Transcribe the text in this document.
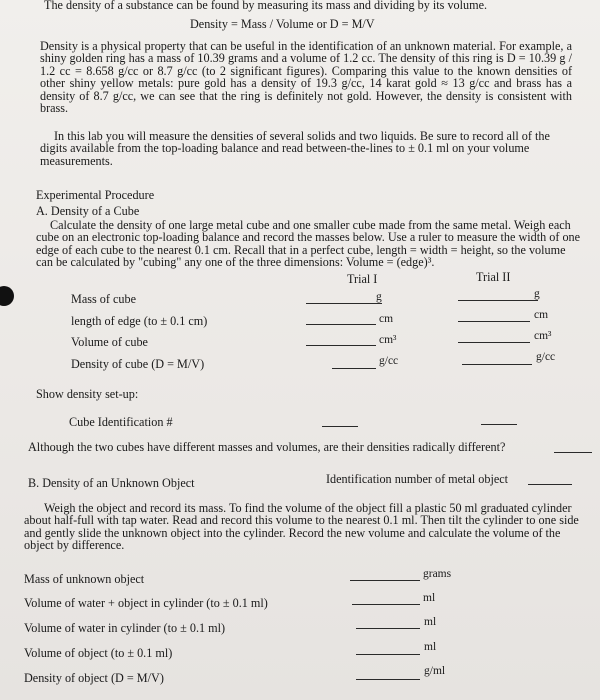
The density of a substance can be found by measuring its mass and dividing by its volume.
Density = Mass / Volume or D = M/V

Density is a physical property that can be useful in the identification of an unknown material. For example, a shiny golden ring has a mass of 10.39 grams and a volume of 1.2 cc. The density of this ring is D = 10.39 g / 1.2 cc = 8.658 g/cc or 8.7 g/cc (to 2 significant figures). Comparing this value to the known densities of other shiny yellow metals: pure gold has a density of 19.3 g/cc, 14 karat gold ≈ 13 g/cc and brass has a density of 8.7 g/cc, we can see that the ring is definitely not gold. However, the density is consistent with brass.

In this lab you will measure the densities of several solids and two liquids. Be sure to record all of the digits available from the top-loading balance and read between-the-lines to ± 0.1 ml on your volume measurements.

Experimental Procedure
A. Density of a Cube

Calculate the density of one large metal cube and one smaller cube made from the same metal. Weigh each cube on an electronic top-loading balance and record the masses below. Use a ruler to measure the width of one edge of each cube to the nearest 0.1 cm. Recall that in a perfect cube, length = width = height, so the volume can be calculated by "cubing" any one of the three dimensions: Volume = (edge)³.

Trial I	Trial II
Mass of cube	g	g
length of edge (to ± 0.1 cm)	cm	cm
Volume of cube	cm³	cm³
Density of cube (D = M/V)	g/cc	g/cc
Show density set-up:
Cube Identification #
Although the two cubes have different masses and volumes, are their densities radically different?
B. Density of an Unknown Object	Identification number of metal object

Weigh the object and record its mass. To find the volume of the object fill a plastic 50 ml graduated cylinder about half-full with tap water. Read and record this volume to the nearest 0.1 ml. Then tilt the cylinder to one side and gently slide the unknown object into the cylinder. Record the new volume and calculate the volume of the object by difference.

Mass of unknown object	grams
Volume of water + object in cylinder (to ± 0.1 ml)	ml
Volume of water in cylinder (to ± 0.1 ml)	ml
Volume of object (to ± 0.1 ml)	ml
Density of object (D = M/V)	g/ml
